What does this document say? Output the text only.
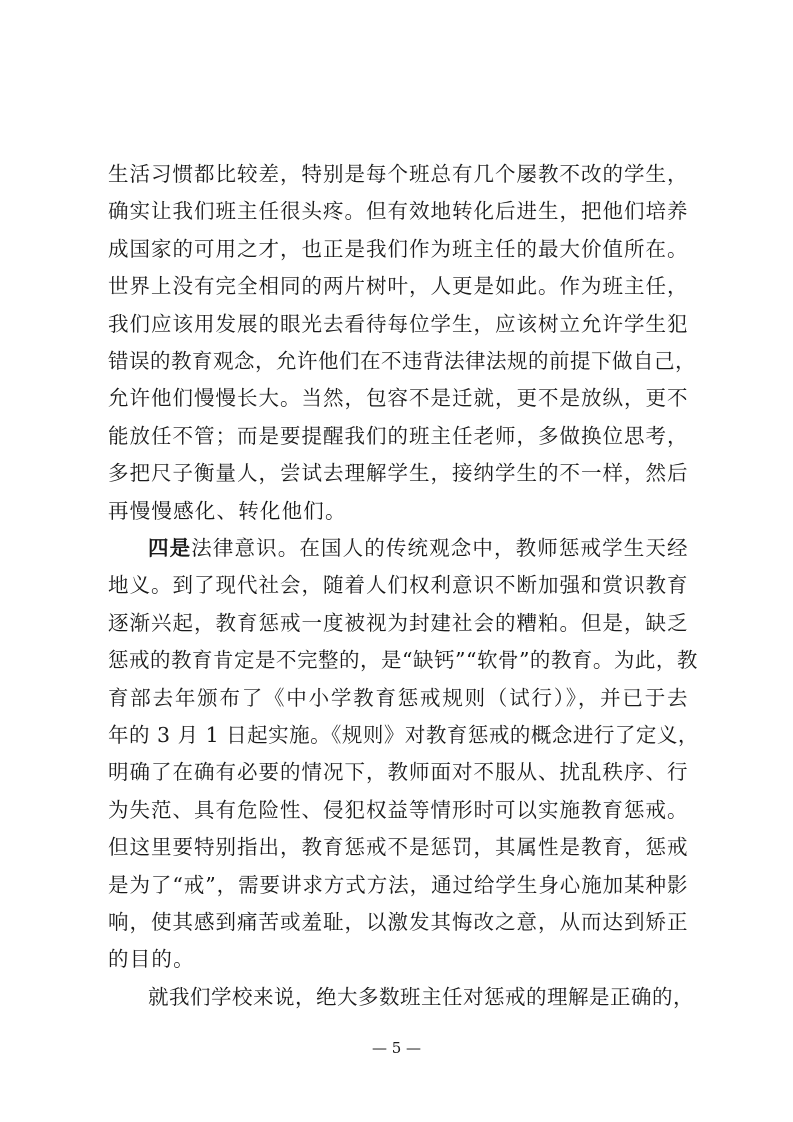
生活习惯都比较差，特别是每个班总有几个屡教不改的学生，
确实让我们班主任很头疼。但有效地转化后进生，把他们培养
成国家的可用之才，也正是我们作为班主任的最大价值所在。
世界上没有完全相同的两片树叶，人更是如此。作为班主任，
我们应该用发展的眼光去看待每位学生，应该树立允许学生犯
错误的教育观念，允许他们在不违背法律法规的前提下做自己，
允许他们慢慢长大。当然，包容不是迁就，更不是放纵，更不
能放任不管；而是要提醒我们的班主任老师，多做换位思考，
多把尺子衡量人，尝试去理解学生，接纳学生的不一样，然后
再慢慢感化、转化他们。
四是法律意识。在国人的传统观念中，教师惩戒学生天经
地义。到了现代社会，随着人们权利意识不断加强和赏识教育
逐渐兴起，教育惩戒一度被视为封建社会的糟粕。但是，缺乏
惩戒的教育肯定是不完整的，是“缺钙”“软骨”的教育。为此，教
育部去年颁布了《中小学教育惩戒规则（试行）》，并已于去
年的 3 月 1 日起实施。《规则》对教育惩戒的概念进行了定义，
明确了在确有必要的情况下，教师面对不服从、扰乱秩序、行
为失范、具有危险性、侵犯权益等情形时可以实施教育惩戒。
但这里要特别指出，教育惩戒不是惩罚，其属性是教育，惩戒
是为了“戒”，需要讲求方式方法，通过给学生身心施加某种影
响，使其感到痛苦或羞耻，以激发其悔改之意，从而达到矫正
的目的。
就我们学校来说，绝大多数班主任对惩戒的理解是正确的，
— 5 —
